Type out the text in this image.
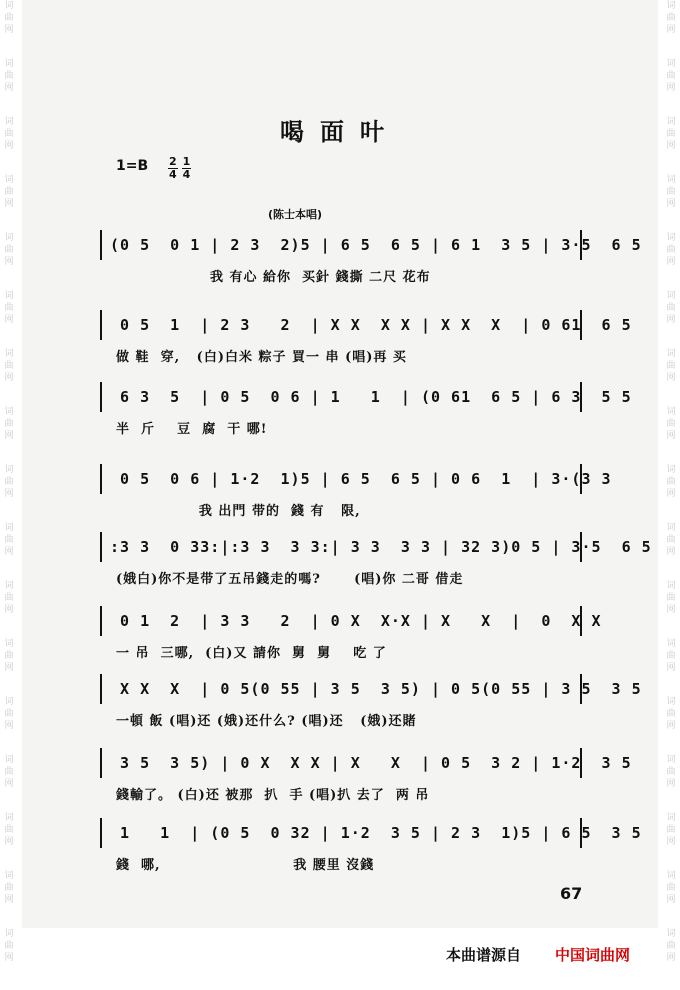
词
曲
网
词
曲
网
词
曲
网
词
曲
网
词
曲
网
词
曲
网
词
曲
网
词
曲
网
词
曲
网
词
曲
网
词
曲
网
词
曲
网
词
曲
网
词
曲
网
词
曲
网
词
曲
网
词
曲
网
词
曲
网
词
曲
网
词
曲
网
词
曲
网
词
曲
网
词
曲
网
词
曲
网
词
曲
网
词
曲
网
词
曲
网
词
曲
网
词
曲
网
词
曲
网
词
曲
网
词
曲
网
词
曲
网
词
曲
网
喝面叶
$1=B \frac{2}{4} \frac{1}{4}$
(陈士本唱)
(0 5  0 1 | 2 3  2)5 | 6 5  6 5 | 6 1  3 5 | 3·5  6 5
我 有心 給你  买針 錢撕 二尺 花布
0 5  1  | 2 3   2  | X X  X X | X X  X  | 0 61  6 5
做 鞋  穿,   (白)白米 粽子 買一 串 (唱)再 买
6 3  5  | 0 5  0 6 | 1   1  | (0 61  6 5 | 6 3  5 5
半  斤    豆  腐  干 哪!
0 5  0 6 | 1·2  1)5 | 6 5  6 5 | 0 6  1  | 3·(3 3
我 出門 带的  錢 有   限,
:3 3  0 33:|:3 3  3 3:| 3 3  3 3 | 32 3)0 5 | 3·5  6 5
(娥白)你不是带了五吊錢走的嗎?      (唱)你 二哥 借走
0 1  2  | 3 3   2  | 0 X  X·X | X   X  |  0  X X
一 吊  三哪,  (白)又 請你  舅  舅    吃 了
X X  X  | 0 5(0 55 | 3 5  3 5) | 0 5(0 55 | 3 5  3 5
一頓 飯 (唱)还 (娥)还什么? (唱)还   (娥)还賭
3 5  3 5) | 0 X  X X | X   X  | 0 5  3 2 | 1·2  3 5
錢輸了。 (白)还 被那  扒  手 (唱)扒 去了  两 吊
1   1  | (0 5  0 32 | 1·2  3 5 | 2 3  1)5 | 6 5  3 5
錢  哪,                        我 腰里 沒錢
67
本曲谱源自 中国词曲网
